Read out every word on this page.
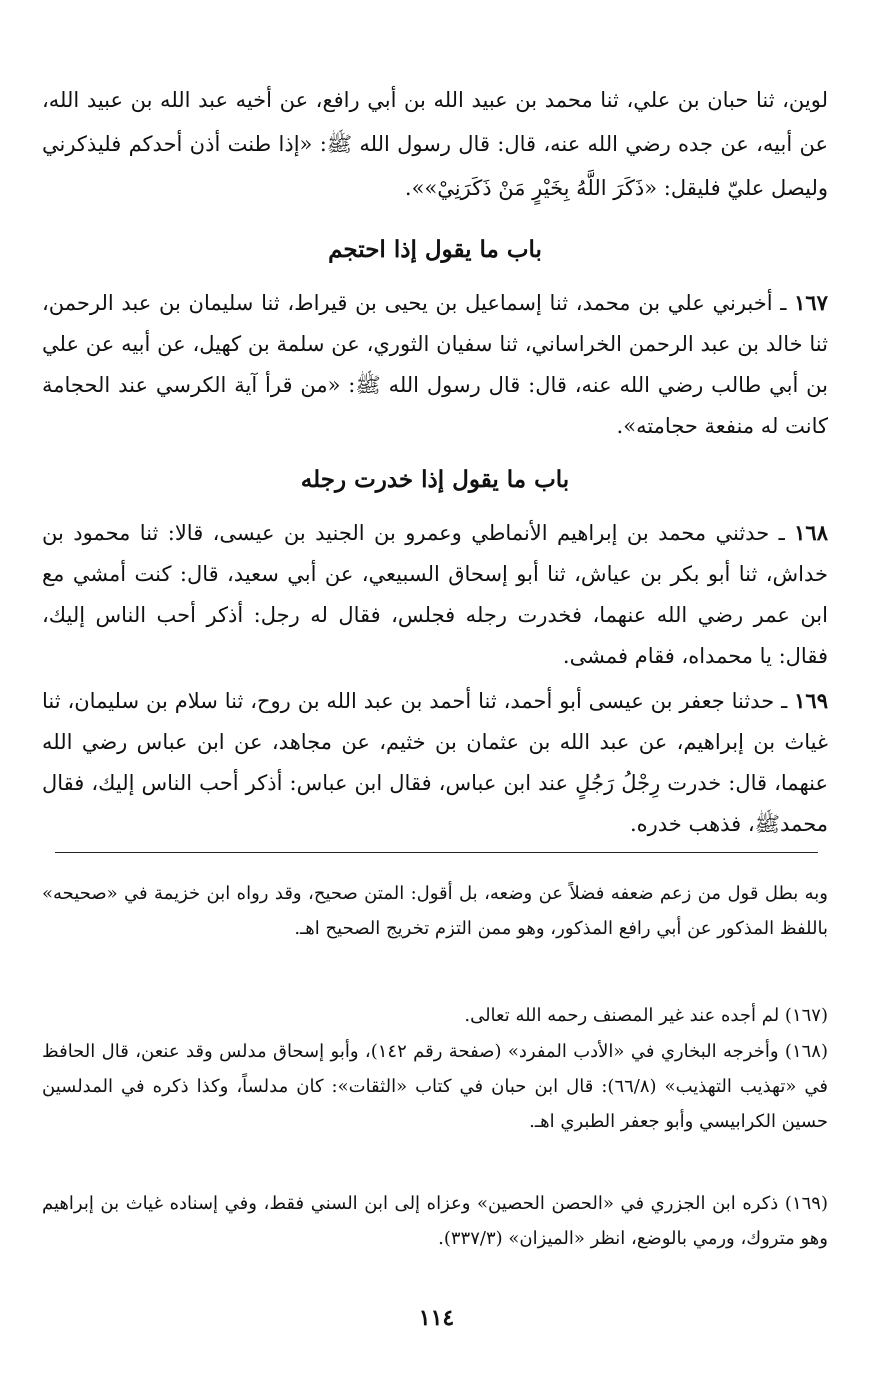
لوين، ثنا حبان بن علي، ثنا محمد بن عبيد الله بن أبي رافع، عن أخيه عبد الله بن عبيد الله، عن أبيه، عن جده رضي الله عنه، قال: قال رسول الله ﷺ: «إذا طنت أذن أحدكم فليذكرني وليصل عليّ فليقل: «ذَكَرَ اللَّهُ بِخَيْرٍ مَنْ ذَكَرَنِيْ»».

باب ما يقول إذا احتجم

١٦٧ ـ أخبرني علي بن محمد، ثنا إسماعيل بن يحيى بن قيراط، ثنا سليمان بن عبد الرحمن، ثنا خالد بن عبد الرحمن الخراساني، ثنا سفيان الثوري، عن سلمة بن كهيل، عن أبيه عن علي بن أبي طالب رضي الله عنه، قال: قال رسول الله ﷺ: «من قرأ آية الكرسي عند الحجامة كانت له منفعة حجامته».

باب ما يقول إذا خدرت رجله

١٦٨ ـ حدثني محمد بن إبراهيم الأنماطي وعمرو بن الجنيد بن عيسى، قالا: ثنا محمود بن خداش، ثنا أبو بكر بن عياش، ثنا أبو إسحاق السبيعي، عن أبي سعيد، قال: كنت أمشي مع ابن عمر رضي الله عنهما، فخدرت رجله فجلس، فقال له رجل: أذكر أحب الناس إليك، فقال: يا محمداه، فقام فمشى.

١٦٩ ـ حدثنا جعفر بن عيسى أبو أحمد، ثنا أحمد بن عبد الله بن روح، ثنا سلام بن سليمان، ثنا غياث بن إبراهيم، عن عبد الله بن عثمان بن خثيم، عن مجاهد، عن ابن عباس رضي الله عنهما، قال: خدرت رِجْلُ رَجُلٍ عند ابن عباس، فقال ابن عباس: أذكر أحب الناس إليك، فقال محمدﷺ، فذهب خدره.

وبه بطل قول من زعم ضعفه فضلاً عن وضعه، بل أقول: المتن صحيح، وقد رواه ابن خزيمة في «صحيحه» باللفظ المذكور عن أبي رافع المذكور، وهو ممن التزم تخريج الصحيح اهـ.

(١٦٧) لم أجده عند غير المصنف رحمه الله تعالى.

(١٦٨) وأخرجه البخاري في «الأدب المفرد» (صفحة رقم ١٤٢)، وأبو إسحاق مدلس وقد عنعن، قال الحافظ في «تهذيب التهذيب» (٦٦/٨): قال ابن حبان في كتاب «الثقات»: كان مدلساً، وكذا ذكره في المدلسين حسين الكرابيسي وأبو جعفر الطبري اهـ.

(١٦٩) ذكره ابن الجزري في «الحصن الحصين» وعزاه إلى ابن السني فقط، وفي إسناده غياث بن إبراهيم وهو متروك، ورمي بالوضع، انظر «الميزان» (٣٣٧/٣).

١١٤
